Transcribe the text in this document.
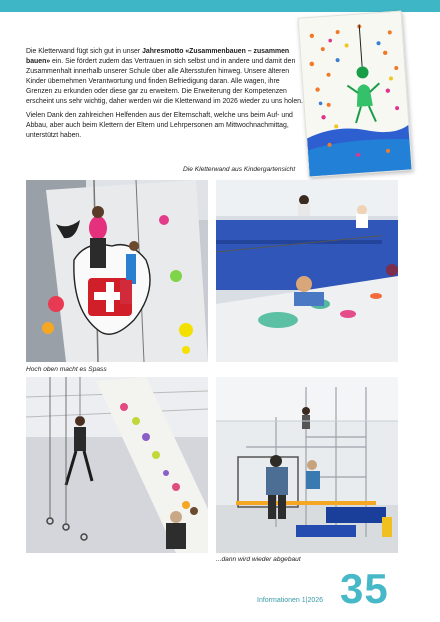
Die Kletterwand fügt sich gut in unser Jahresmotto «Zusammenbauen – zusammen bauen» ein. Sie fördert zudem das Vertrauen in sich selbst und in andere und damit den Zusammenhalt innerhalb unserer Schule über alle Altersstufen hinweg. Unsere älteren Kinder übernehmen Verantwortung und finden Befriedigung daran. Alle wagen, ihre Grenzen zu erkunden oder diese gar zu erweitern. Die Erweiterung der Kompetenzen erscheint uns sehr wichtig, daher werden wir die Kletterwand im 2026 wieder zu uns holen.

Vielen Dank den zahlreichen Helfenden aus der Elternschaft, welche uns beim Auf- und Abbau, aber auch beim Klettern der Eltern und Lehrpersonen am Mittwochnachmittag, unterstützt haben.

Die Kletterwand aus Kindergartensicht
Hoch oben macht es Spass
...dann wird wieder abgebaut
Informationen 1|2026 35
